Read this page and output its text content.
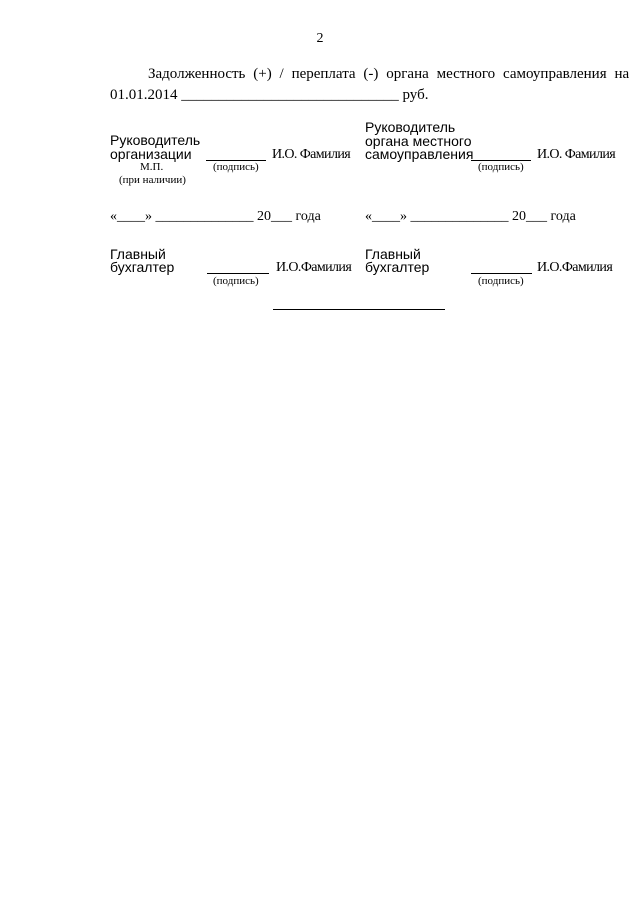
2
Задолженность (+) / переплата (-) органа местного самоуправления на
01.01.2014 _____________________________ руб.
Руководитель
организации
М.П.
(при наличии)
(подпись)
И.О. Фамилия
Руководитель
органа местного
самоуправления
(подпись)
И.О. Фамилия
«____» ______________ 20___ года	«____» ______________ 20___ года
Главный
бухгалтер
(подпись)
И.О.Фамилия
Главный
бухгалтер
(подпись)
И.О.Фамилия
